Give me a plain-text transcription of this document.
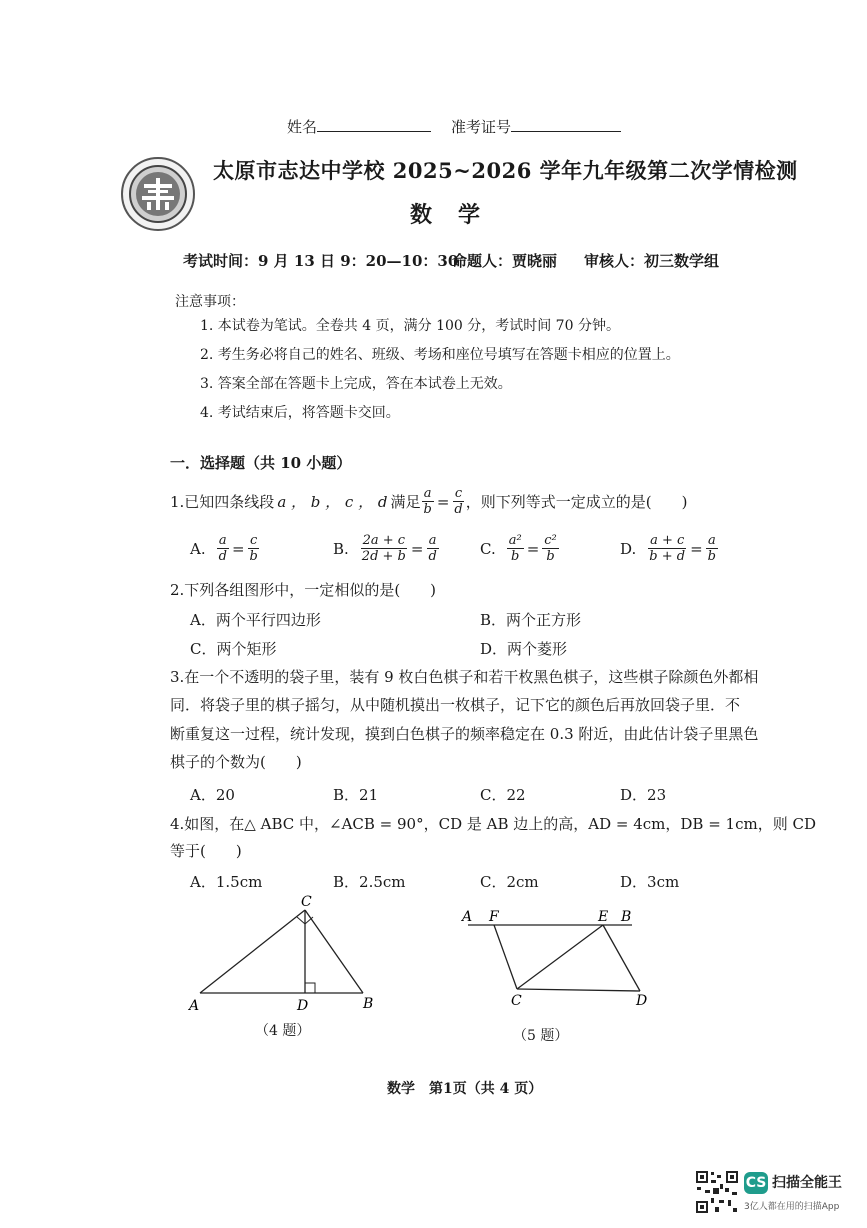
姓名	准考证号
太原市志达中学校 2025~2026 学年九年级第二次学情检测
数学
考试时间：9 月 13 日 9：20—10：30
命题人：贾晓丽 审核人：初三数学组
注意事项：
1. 本试卷为笔试。全卷共 4 页，满分 100 分，考试时间 70 分钟。
2. 考生务必将自己的姓名、班级、考场和座位号填写在答题卡相应的位置上。
3. 答案全部在答题卡上完成，答在本试卷上无效。
4. 考试结束后，将答题卡交回。
一．选择题（共 10 小题）
1.已知四条线段 a ， b ， c ， d 满足 $\frac{a}{b} = \frac{c}{d}$ ，则下列等式一定成立的是(　　)
A. $\frac{a}{d} = \frac{c}{b}$	B. $\frac{2a + c}{2d + b} = \frac{a}{d}$	C. $\frac{\text{a²}}{b} = \frac{\text{c²}}{b}$	D. $\frac{a + c}{b + d} = \frac{a}{b}$
2.下列各组图形中，一定相似的是(　　)
A．两个平行四边形	B．两个正方形
C．两个矩形	D．两个菱形
3.在一个不透明的袋子里，装有 9 枚白色棋子和若干枚黑色棋子，这些棋子除颜色外都相
同．将袋子里的棋子摇匀，从中随机摸出一枚棋子，记下它的颜色后再放回袋子里．不
断重复这一过程，统计发现，摸到白色棋子的频率稳定在 0.3 附近，由此估计袋子里黑色
棋子的个数为(　　)
A．20	B．21	C．22	D．23
4.如图，在△ ABC 中，∠ACB = 90°，CD 是 AB 边上的高，AD = 4cm，DB = 1cm，则 CD
等于(　　)
A．1.5cm	B．2.5cm	C．2cm	D．3cm
C
A	D	B
（4 题）
A F	E B
C	D
（5 题）
数学　第1页（共 4 页）
CS 扫描全能王
3亿人都在用的扫描App
